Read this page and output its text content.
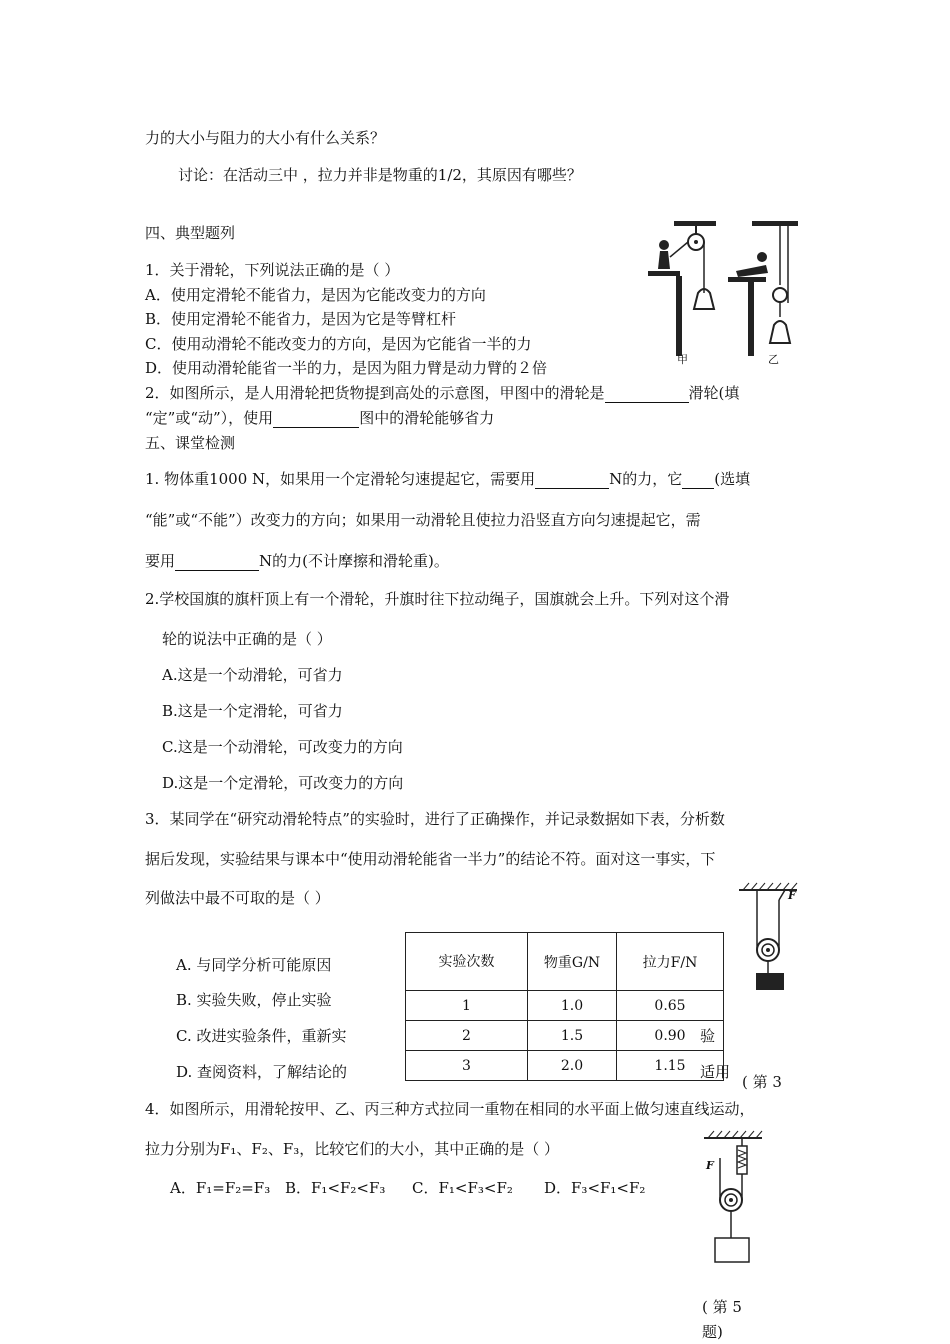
力的大小与阻力的大小有什么关系？
讨论：在活动三中 ，拉力并非是物重的1/2，其原因有哪些？
四、典型题列
1．关于滑轮，下列说法正确的是（ ）
A．使用定滑轮不能省力，是因为它能改变力的方向
B．使用定滑轮不能省力，是因为它是等臂杠杆
C．使用动滑轮不能改变力的方向，是因为它能省一半的力
D．使用动滑轮能省一半的力，是因为阻力臂是动力臂的２倍
2．如图所示，是人用滑轮把货物提到高处的示意图，甲图中的滑轮是	滑轮(填
“定”或“动”），使用	图中的滑轮能够省力
甲	乙
五、课堂检测
1. 物体重1000 N，如果用一个定滑轮匀速提起它，需要用	N的力，它 (选填
“能”或“不能”）改变力的方向；如果用一动滑轮且使拉力沿竖直方向匀速提起它，需
要用	N的力(不计摩擦和滑轮重)。
2.学校国旗的旗杆顶上有一个滑轮，升旗时往下拉动绳子，国旗就会上升。下列对这个滑
轮的说法中正确的是（ ）
A.这是一个动滑轮，可省力
B.这是一个定滑轮，可省力
C.这是一个动滑轮，可改变力的方向
D.这是一个定滑轮，可改变力的方向
3．某同学在“研究动滑轮特点”的实验时，进行了正确操作，并记录数据如下表，分析数
据后发现，实验结果与课本中“使用动滑轮能省一半力”的结论不符。面对这一事实，下
列做法中最不可取的是（ ）
A. 与同学分析可能原因
B. 实验失败，停止实验
C. 改进实验条件，重新实
D. 查阅资料，了解结论的
验
适用
实验次数	物重G/N	拉力F/N
1	1.0	0.65
2	1.5	0.90
3	2.0	1.15
F
( 第 3
4．如图所示，用滑轮按甲、乙、丙三种方式拉同一重物在相同的水平面上做匀速直线运动，
拉力分别为F₁、F₂、F₃，比较它们的大小，其中正确的是（ ）
A．F₁=F₂=F₃ B．F₁<F₂<F₃ C．F₁<F₃<F₂ D．F₃<F₁<F₂
F
( 第 5
题)
